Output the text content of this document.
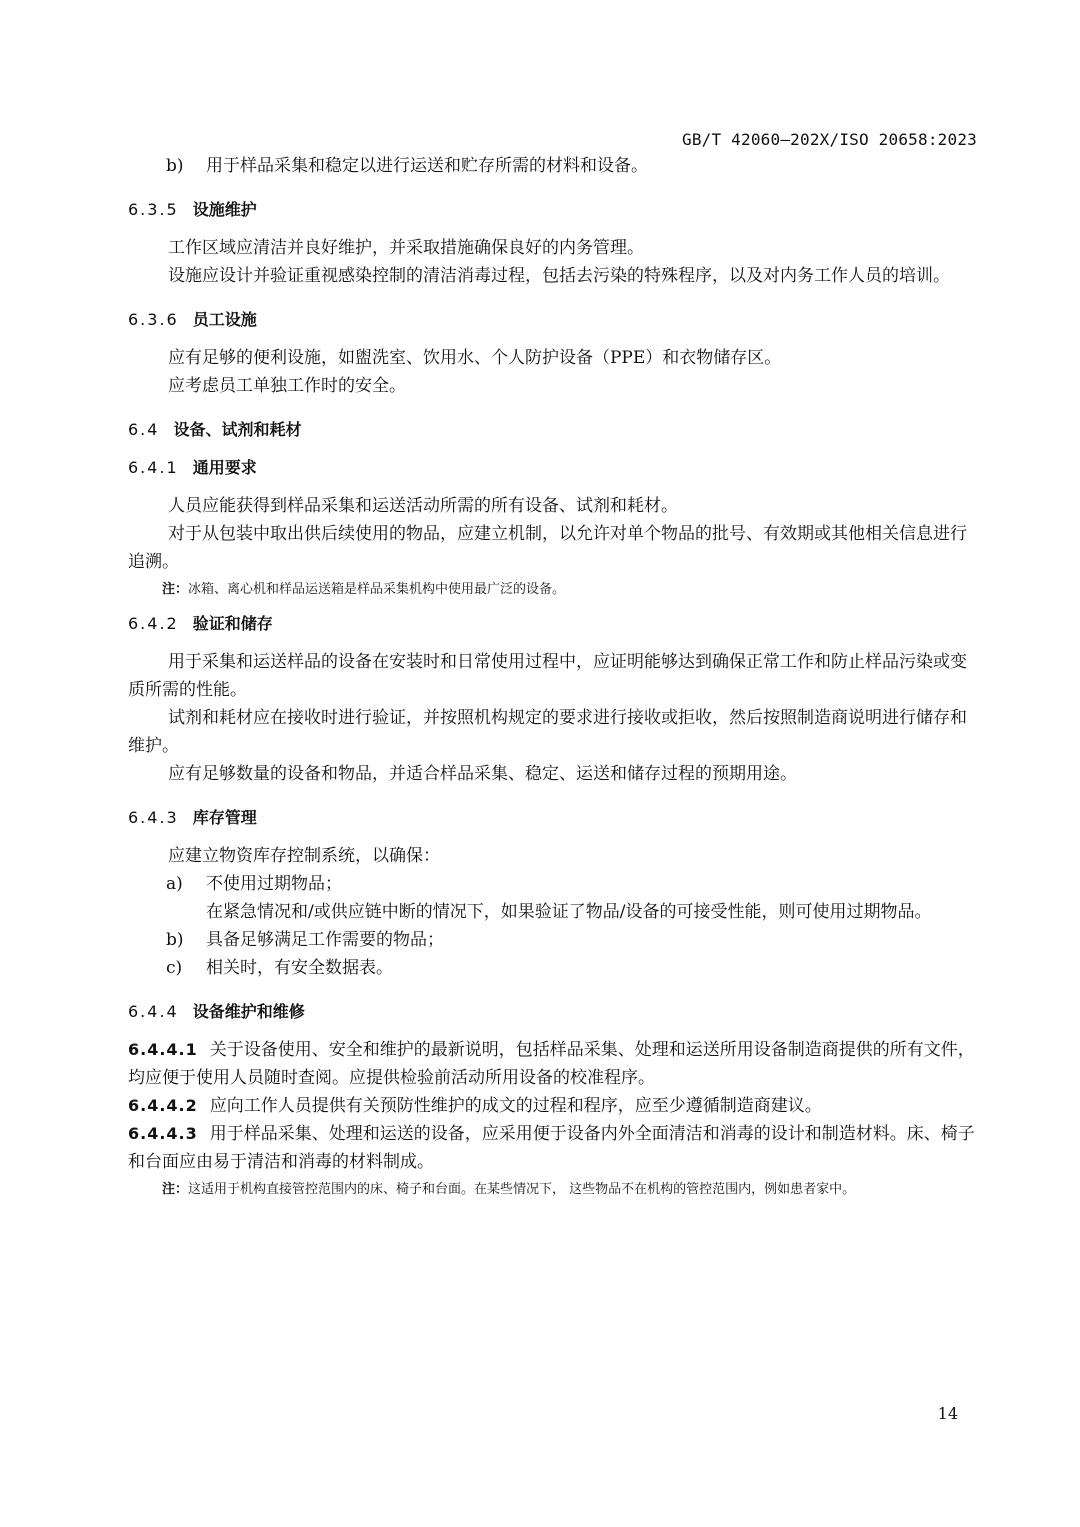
GB/T 42060—202X/ISO 20658:2023
b)	用于样品采集和稳定以进行运送和贮存所需的材料和设备。
6.3.5 设施维护

工作区域应清洁并良好维护，并采取措施确保良好的内务管理。

设施应设计并验证重视感染控制的清洁消毒过程，包括去污染的特殊程序，以及对内务工作人员的培训。

6.3.6 员工设施

应有足够的便利设施，如盥洗室、饮用水、个人防护设备（PPE）和衣物储存区。

应考虑员工单独工作时的安全。

6.4 设备、试剂和耗材
6.4.1 通用要求

人员应能获得到样品采集和运送活动所需的所有设备、试剂和耗材。

对于从包装中取出供后续使用的物品，应建立机制，以允许对单个物品的批号、有效期或其他相关信息进行追溯。

注： 冰箱、离心机和样品运送箱是样品采集机构中使用最广泛的设备。
6.4.2 验证和储存

用于采集和运送样品的设备在安装时和日常使用过程中，应证明能够达到确保正常工作和防止样品污染或变质所需的性能。

试剂和耗材应在接收时进行验证，并按照机构规定的要求进行接收或拒收，然后按照制造商说明进行储存和维护。

应有足够数量的设备和物品，并适合样品采集、稳定、运送和储存过程的预期用途。

6.4.3 库存管理

应建立物资库存控制系统，以确保：

a)	不使用过期物品；
在紧急情况和/或供应链中断的情况下，如果验证了物品/设备的可接受性能，则可使用过期物品。
b)	具备足够满足工作需要的物品；
c)	相关时，有安全数据表。
6.4.4 设备维护和维修

6.4.4.1 关于设备使用、安全和维护的最新说明，包括样品采集、处理和运送所用设备制造商提供的所有文件，均应便于使用人员随时查阅。应提供检验前活动所用设备的校准程序。

6.4.4.2 应向工作人员提供有关预防性维护的成文的过程和程序，应至少遵循制造商建议。

6.4.4.3 用于样品采集、处理和运送的设备，应采用便于设备内外全面清洁和消毒的设计和制造材料。床、椅子和台面应由易于清洁和消毒的材料制成。

注： 这适用于机构直接管控范围内的床、椅子和台面。在某些情况下， 这些物品不在机构的管控范围内，例如患者家中。
14
